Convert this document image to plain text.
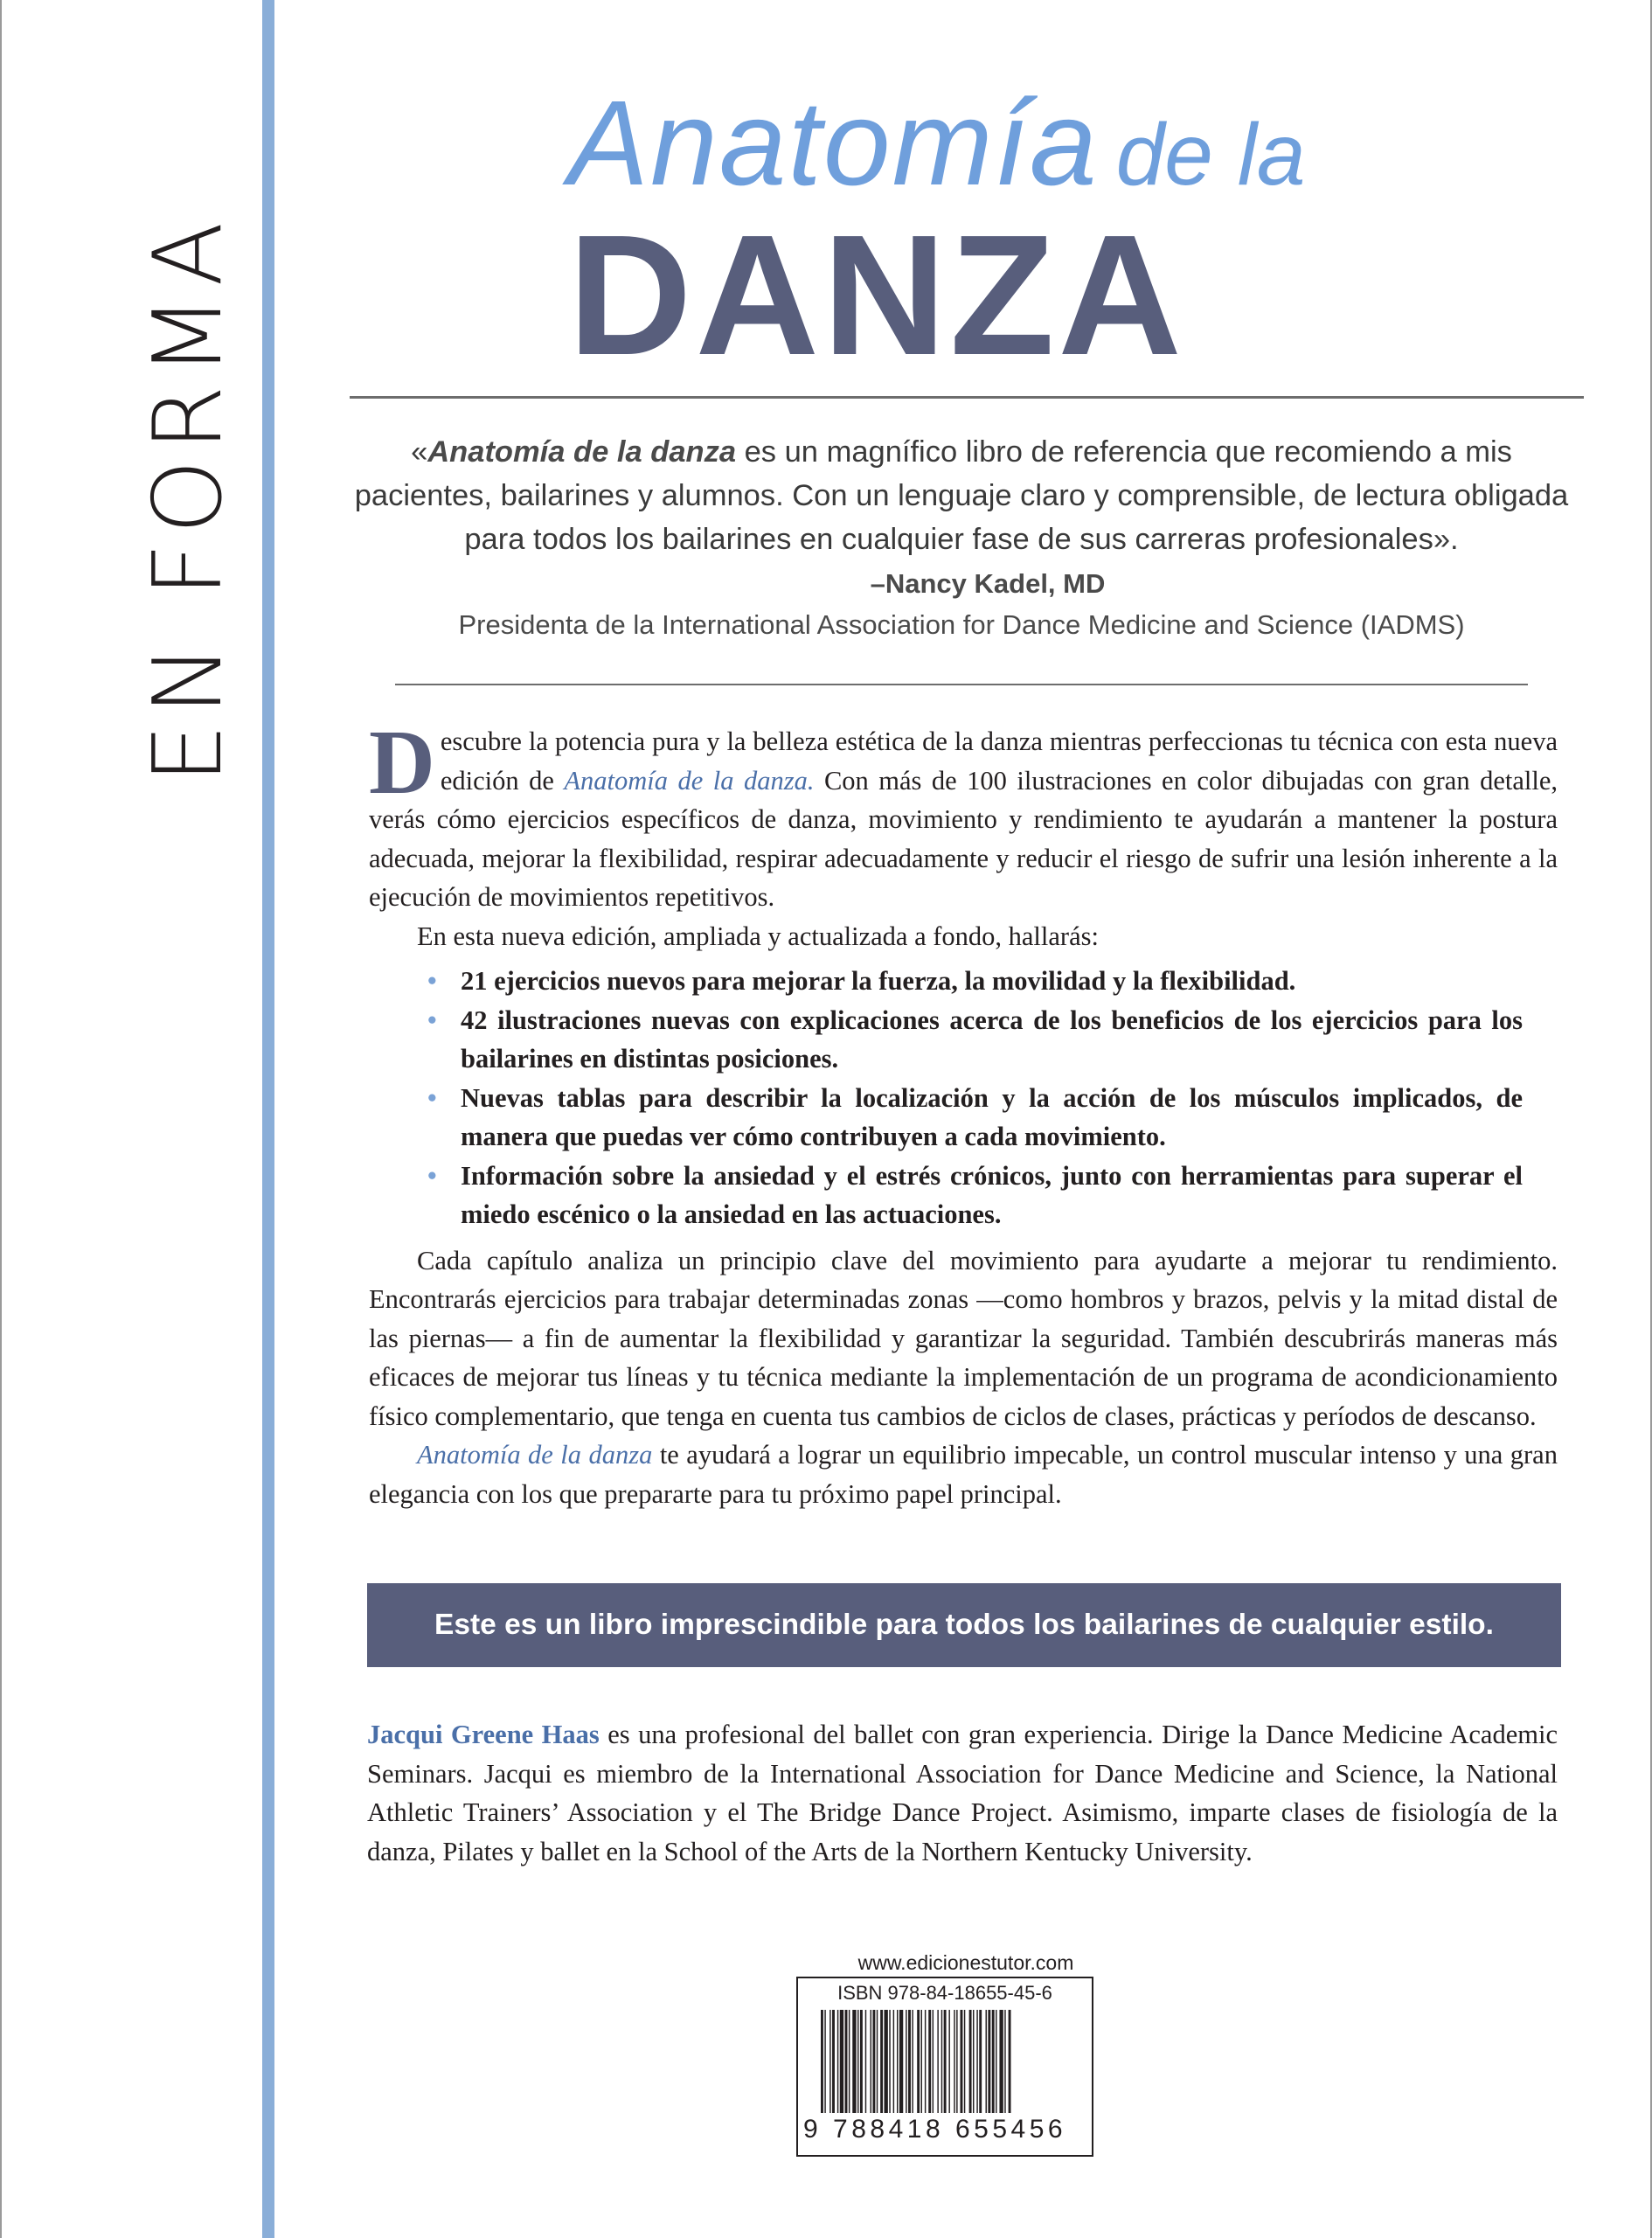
EN FORMA
Anatomía de la
DANZA
«Anatomía de la danza es un magnífico libro de referencia que recomiendo a mis pacientes, bailarines y alumnos. Con un lenguaje claro y comprensible, de lectura obligada para todos los bailarines en cualquier fase de sus carreras profesionales».
–Nancy Kadel, MD
Presidenta de la International Association for Dance Medicine and Science (IADMS)

Descubre la potencia pura y la belleza estética de la danza mientras perfeccionas tu técnica con esta nueva edición de Anatomía de la danza. Con más de 100 ilustraciones en color dibujadas con gran detalle, verás cómo ejercicios específicos de danza, movimiento y rendimiento te ayudarán a mantener la postura adecuada, mejorar la flexibilidad, respirar adecuadamente y reducir el riesgo de sufrir una lesión inherente a la ejecución de movimientos repetitivos.

En esta nueva edición, ampliada y actualizada a fondo, hallarás:

• 21 ejercicios nuevos para mejorar la fuerza, la movilidad y la flexibilidad.
• 42 ilustraciones nuevas con explicaciones acerca de los beneficios de los ejercicios para los bailarines en distintas posiciones.
• Nuevas tablas para describir la localización y la acción de los músculos implicados, de manera que puedas ver cómo contribuyen a cada movimiento.
• Información sobre la ansiedad y el estrés crónicos, junto con herramientas para superar el miedo escénico o la ansiedad en las actuaciones.

Cada capítulo analiza un principio clave del movimiento para ayudarte a mejorar tu rendimiento. Encontrarás ejercicios para trabajar determinadas zonas —como hombros y brazos, pelvis y la mitad distal de las piernas— a fin de aumentar la flexibilidad y garantizar la seguridad. También descubrirás maneras más eficaces de mejorar tus líneas y tu técnica mediante la implementación de un programa de acondicionamiento físico complementario, que tenga en cuenta tus cambios de ciclos de clases, prácticas y períodos de descanso.

Anatomía de la danza te ayudará a lograr un equilibrio impecable, un control muscular intenso y una gran elegancia con los que prepararte para tu próximo papel principal.

Este es un libro imprescindible para todos los bailarines de cualquier estilo.
Jacqui Greene Haas es una profesional del ballet con gran experiencia. Dirige la Dance Medicine Academic Seminars. Jacqui es miembro de la International Association for Dance Medicine and Science, la National Athletic Trainers’ Association y el The Bridge Dance Project. Asimismo, imparte clases de fisiología de la danza, Pilates y ballet en la School of the Arts de la Northern Kentucky University.
www.edicionestutor.com
ISBN 978-84-18655-45-6
9 788418 655456
